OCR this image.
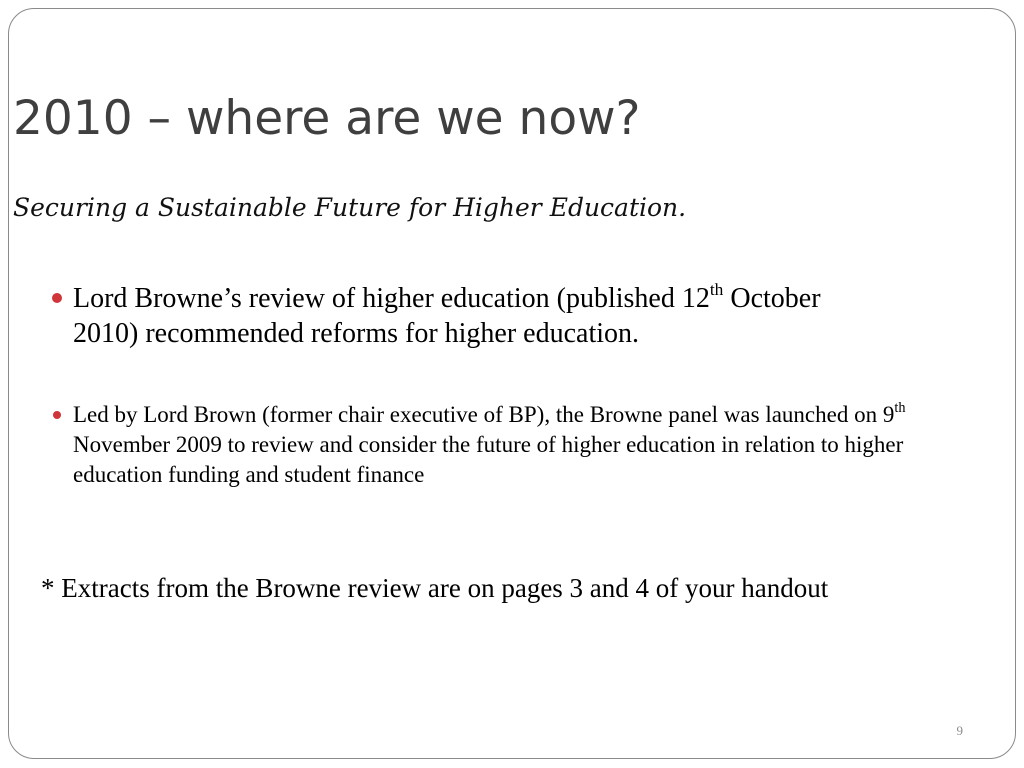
2010 – where are we now?

Securing a Sustainable Future for Higher Education.

Lord Browne’s review of higher education (published 12th October 2010) recommended reforms for higher education.
Led by Lord Brown (former chair executive of BP), the Browne panel was launched on 9th November 2009 to review and consider the future of higher education in relation to higher education funding and student finance
* Extracts from the Browne review are on pages 3 and 4 of your handout
9
